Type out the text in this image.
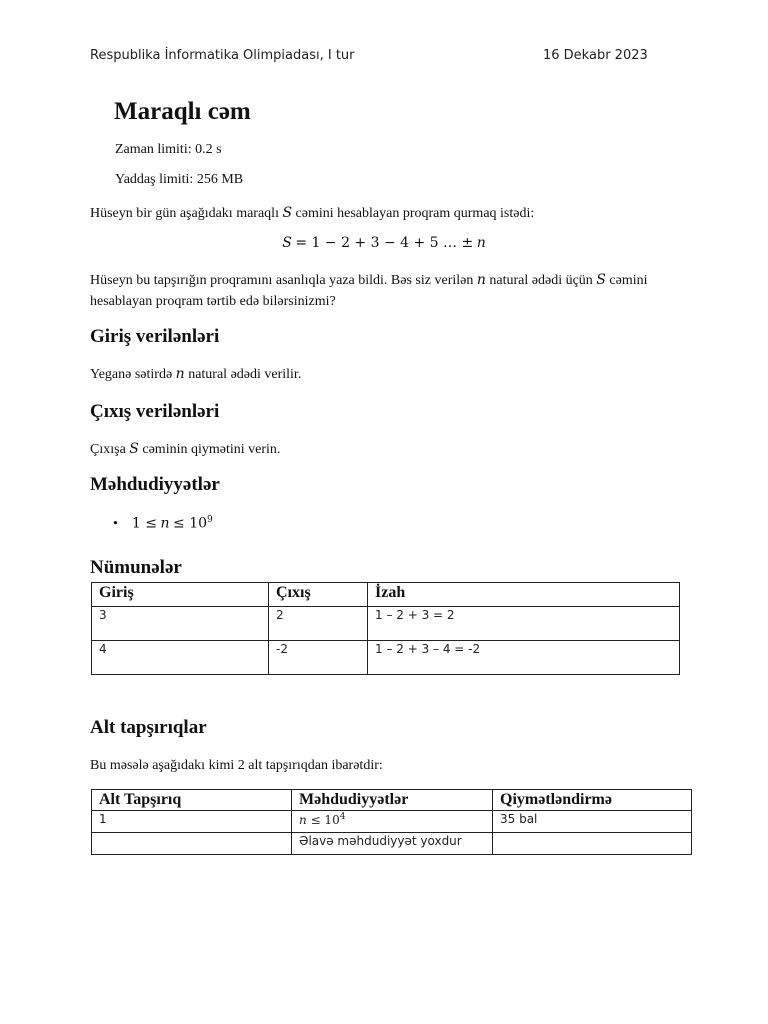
Respublika İnformatika Olimpiadası, I tur	16 Dekabr 2023
Maraqlı cəm
Zaman limiti: 0.2 s
Yaddaş limiti: 256 MB
Hüseyn bir gün aşağıdakı maraqlı S cəmini hesablayan proqram qurmaq istədi:
S = 1 − 2 + 3 − 4 + 5 … ± n
Hüseyn bu tapşırığın proqramını asanlıqla yaza bildi. Bəs siz verilən n natural ədədi üçün S cəmini
hesablayan proqram tərtib edə bilərsinizmi?
Giriş verilənləri
Yeganə sətirdə n natural ədədi verilir.
Çıxış verilənləri
Çıxışa S cəminin qiymətini verin.
Məhdudiyyətlər
• $1 \le n \le 10^9$
Nümunələr
Giriş	Çıxış	İzah
3	2	1 – 2 + 3 = 2
4	-2	1 – 2 + 3 – 4 = -2
Alt tapşırıqlar
Bu məsələ aşağıdakı kimi 2 alt tapşırıqdan ibarətdir:
Alt Tapşırıq	Məhdudiyyətlər	Qiymətləndirmə
1	$n \le 10^4$	35 bal
	Əlavə məhdudiyyət yoxdur	
